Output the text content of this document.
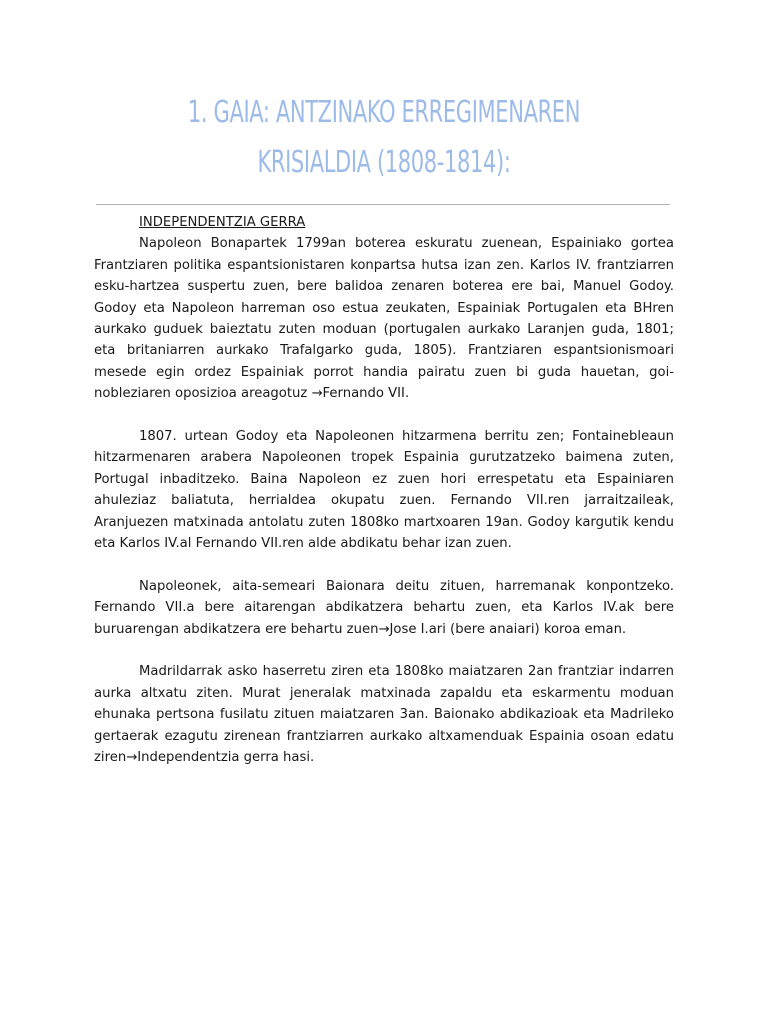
1. GAIA: ANTZINAKO ERREGIMENAREN KRISIALDIA (1808-1814):

INDEPENDENTZIA GERRA

Napoleon Bonapartek 1799an boterea eskuratu zuenean, Espainiako gortea Frantziaren politika espantsionistaren konpartsa hutsa izan zen. Karlos IV. frantziarren esku-hartzea suspertu zuen, bere balidoa zenaren boterea ere bai, Manuel Godoy. Godoy eta Napoleon harreman oso estua zeukaten, Espainiak Portugalen eta BHren aurkako guduek baieztatu zuten moduan (portugalen aurkako Laranjen guda, 1801; eta britaniarren aurkako Trafalgarko guda, 1805). Frantziaren espantsionismoari mesede egin ordez Espainiak porrot handia pairatu zuen bi guda hauetan, goi-nobleziaren oposizioa areagotuz →Fernando VII.

1807. urtean Godoy eta Napoleonen hitzarmena berritu zen; Fontainebleaun hitzarmenaren arabera Napoleonen tropek Espainia gurutzatzeko baimena zuten, Portugal inbaditzeko. Baina Napoleon ez zuen hori errespetatu eta Espainiaren ahuleziaz baliatuta, herrialdea okupatu zuen. Fernando VII.ren jarraitzaileak, Aranjuezen matxinada antolatu zuten 1808ko martxoaren 19an. Godoy kargutik kendu eta Karlos IV.al Fernando VII.ren alde abdikatu behar izan zuen.

Napoleonek, aita-semeari Baionara deitu zituen, harremanak konpontzeko. Fernando VII.a bere aitarengan abdikatzera behartu zuen, eta Karlos IV.ak bere buruarengan abdikatzera ere behartu zuen→Jose I.ari (bere anaiari) koroa eman.

Madrildarrak asko haserretu ziren eta 1808ko maiatzaren 2an frantziar indarren aurka altxatu ziten. Murat jeneralak matxinada zapaldu eta eskarmentu moduan ehunaka pertsona fusilatu zituen maiatzaren 3an. Baionako abdikazioak eta Madrileko gertaerak ezagutu zirenean frantziarren aurkako altxamenduak Espainia osoan edatu ziren→Independentzia gerra hasi.
